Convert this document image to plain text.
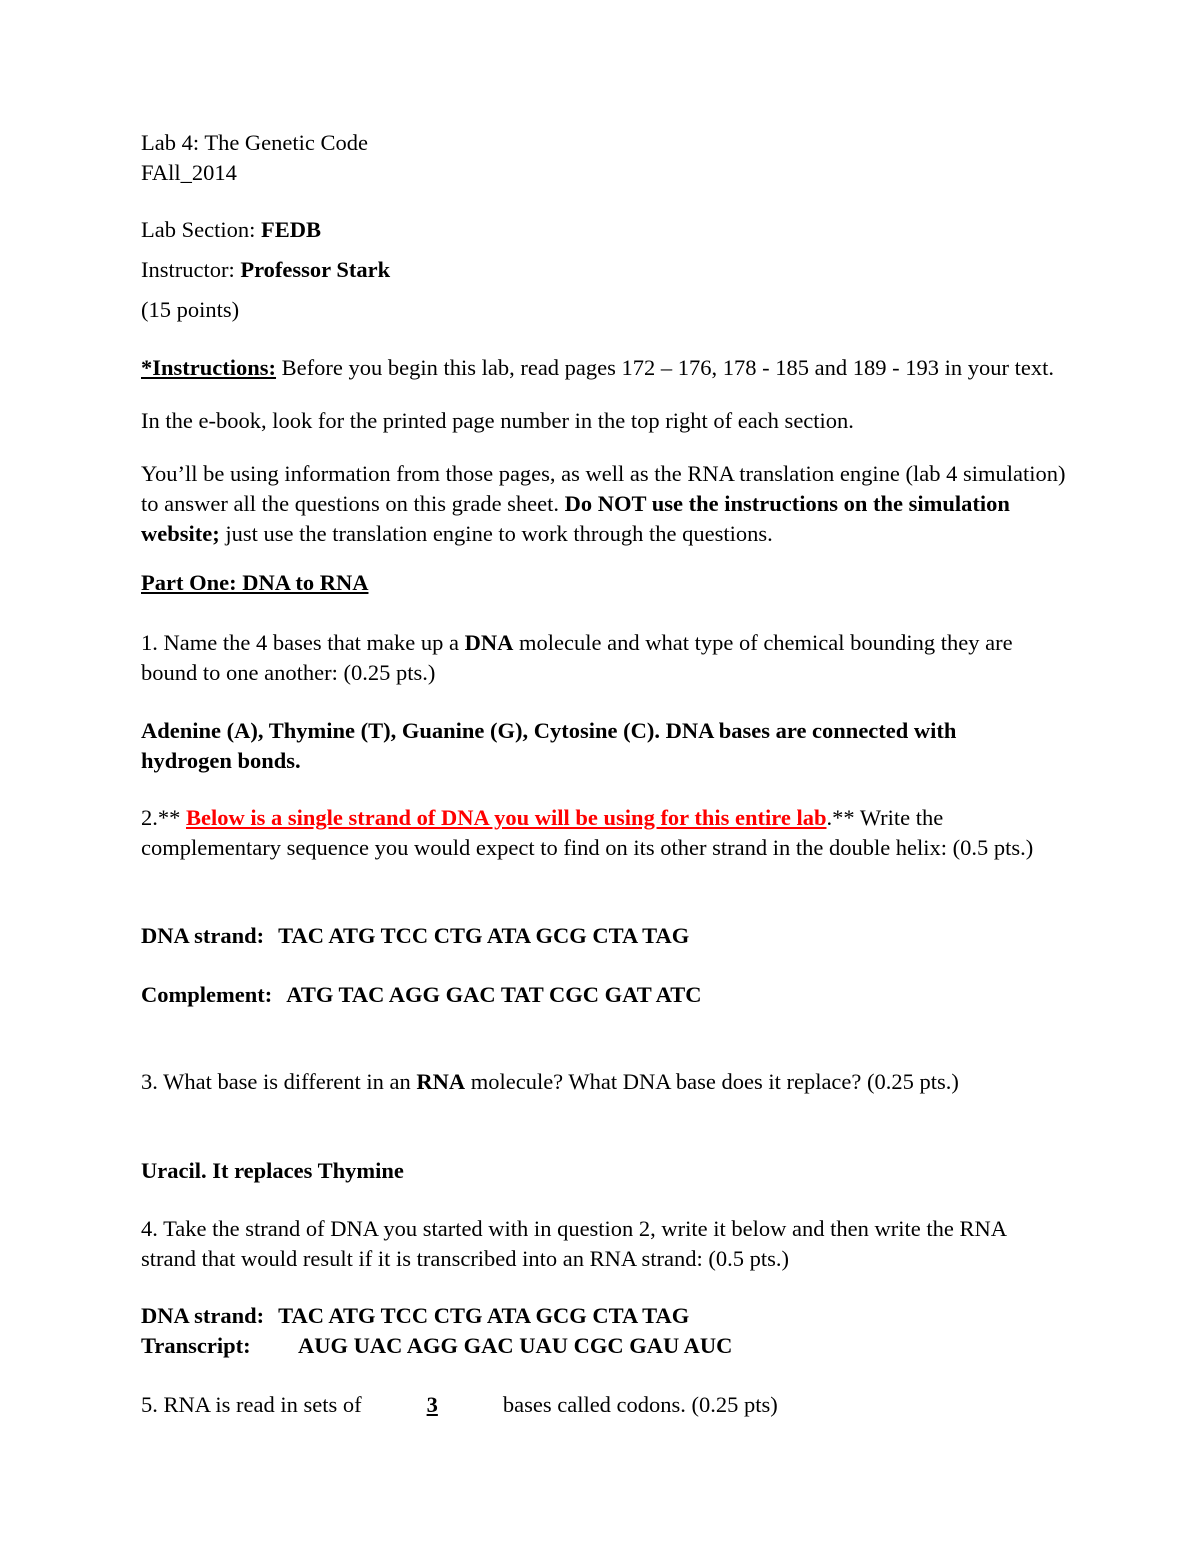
Lab 4: The Genetic Code

FAll_2014

Lab Section: FEDB

Instructor: Professor Stark

(15 points)

*Instructions: Before you begin this lab, read pages 172 – 176, 178 - 185 and 189 - 193 in your text.

In the e-book, look for the printed page number in the top right of each section.

You’ll be using information from those pages, as well as the RNA translation engine (lab 4 simulation) to answer all the questions on this grade sheet. Do NOT use the instructions on the simulation website; just use the translation engine to work through the questions.

Part One: DNA to RNA

1. Name the 4 bases that make up a DNA molecule and what type of chemical bounding they are bound to one another: (0.25 pts.)

Adenine (A), Thymine (T), Guanine (G), Cytosine (C). DNA bases are connected with hydrogen bonds.

2.** Below is a single strand of DNA you will be using for this entire lab.** Write the complementary sequence you would expect to find on its other strand in the double helix: (0.5 pts.)

DNA strand: TAC ATG TCC CTG ATA GCG CTA TAG

Complement: ATG TAC AGG GAC TAT CGC GAT ATC

3. What base is different in an RNA molecule? What DNA base does it replace? (0.25 pts.)

Uracil. It replaces Thymine

4. Take the strand of DNA you started with in question 2, write it below and then write the RNA strand that would result if it is transcribed into an RNA strand: (0.5 pts.)

DNA strand: TAC ATG TCC CTG ATA GCG CTA TAG

Transcript: AUG UAC AGG GAC UAU CGC GAU AUC

5. RNA is read in sets of	3	bases called codons. (0.25 pts)
